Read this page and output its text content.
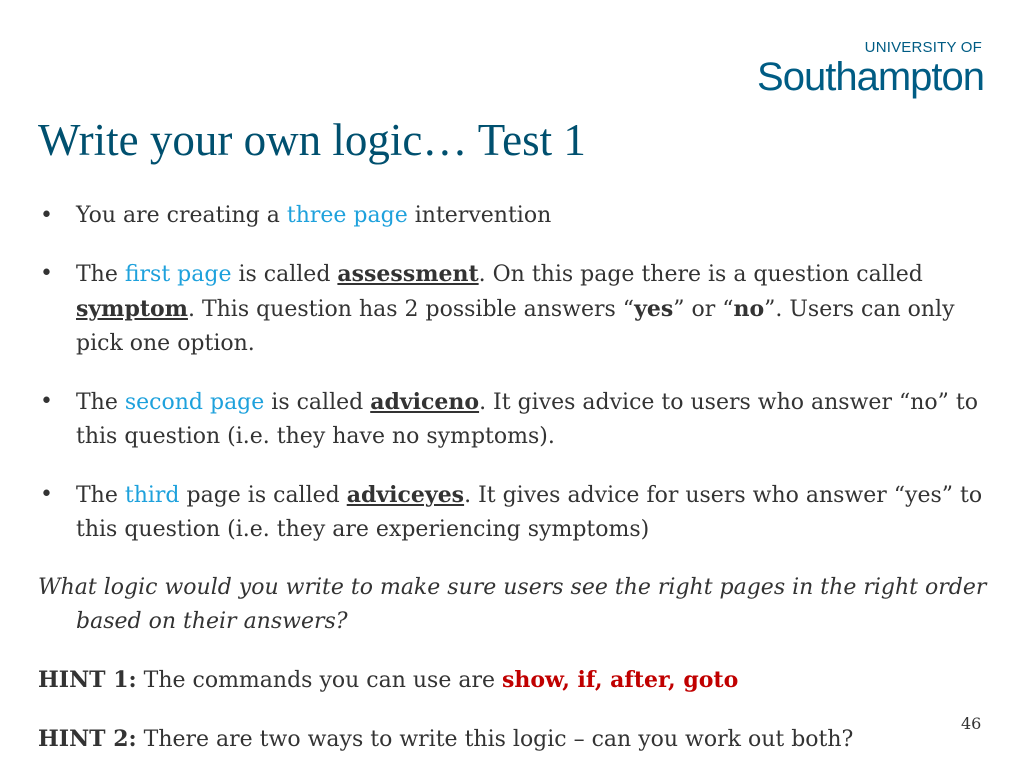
UNIVERSITY OF
Southampton
Write your own logic… Test 1
• You are creating a three page intervention
• The first page is called assessment. On this page there is a question called symptom. This question has 2 possible answers “yes” or “no”. Users can only pick one option.
• The second page is called adviceno. It gives advice to users who answer “no” to this question (i.e. they have no symptoms).
• The third page is called adviceyes. It gives advice for users who answer “yes” to this question (i.e. they are experiencing symptoms)
What logic would you write to make sure users see the right pages in the right order based on their answers?
HINT 1: The commands you can use are show, if, after, goto
HINT 2: There are two ways to write this logic – can you work out both?
46
